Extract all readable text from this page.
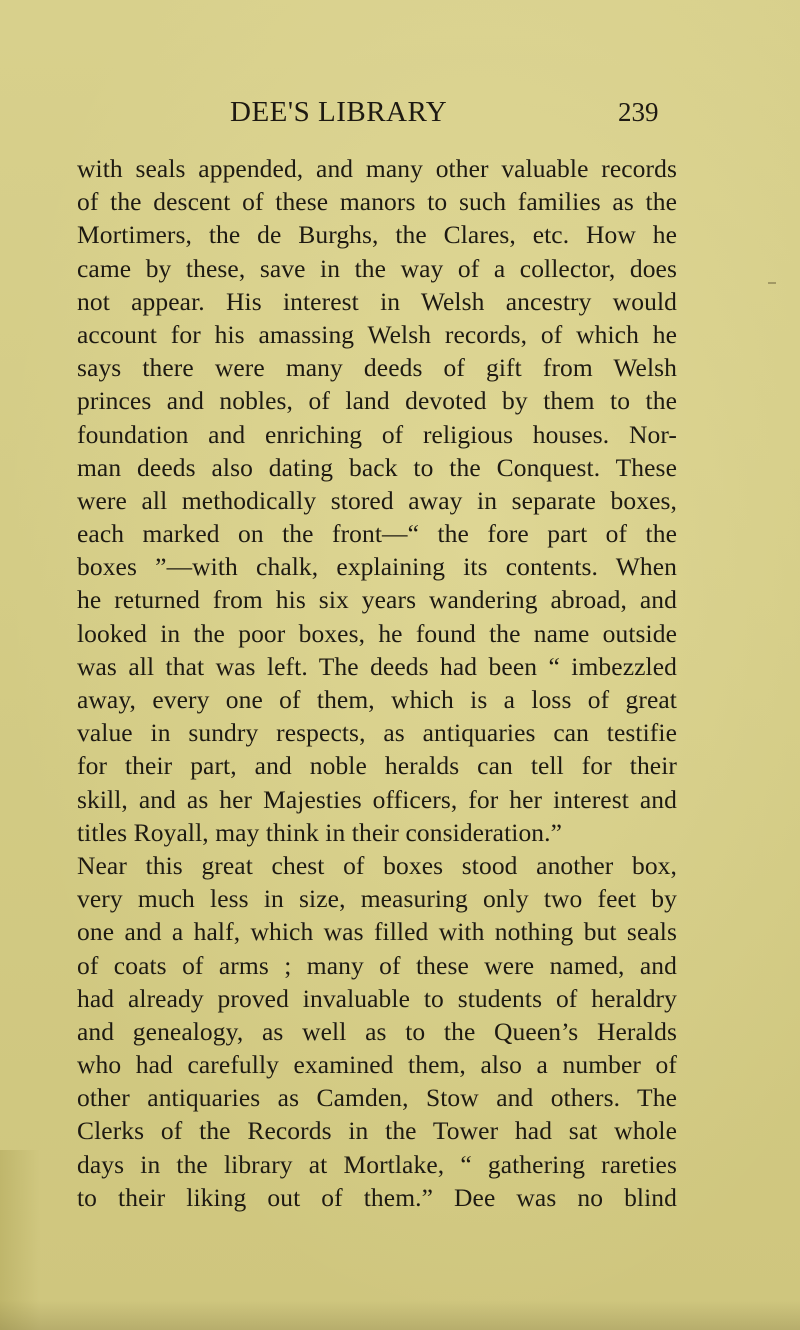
DEE'S LIBRARY	239
with seals appended, and many other valuable records
of the descent of these manors to such families as the
Mortimers, the de Burghs, the Clares, etc. How he
came by these, save in the way of a collector, does
not appear. His interest in Welsh ancestry would
account for his amassing Welsh records, of which he
says there were many deeds of gift from Welsh
princes and nobles, of land devoted by them to the
foundation and enriching of religious houses. Nor-
man deeds also dating back to the Conquest. These
were all methodically stored away in separate boxes,
each marked on the front—“ the fore part of the
boxes ”—with chalk, explaining its contents. When
he returned from his six years wandering abroad, and
looked in the poor boxes, he found the name outside
was all that was left. The deeds had been “ imbezzled
away, every one of them, which is a loss of great
value in sundry respects, as antiquaries can testifie
for their part, and noble heralds can tell for their
skill, and as her Majesties officers, for her interest and
titles Royall, may think in their consideration.”
Near this great chest of boxes stood another box,
very much less in size, measuring only two feet by
one and a half, which was filled with nothing but seals
of coats of arms ; many of these were named, and
had already proved invaluable to students of heraldry
and genealogy, as well as to the Queen’s Heralds
who had carefully examined them, also a number of
other antiquaries as Camden, Stow and others. The
Clerks of the Records in the Tower had sat whole
days in the library at Mortlake, “ gathering rareties
to their liking out of them.” Dee was no blind
